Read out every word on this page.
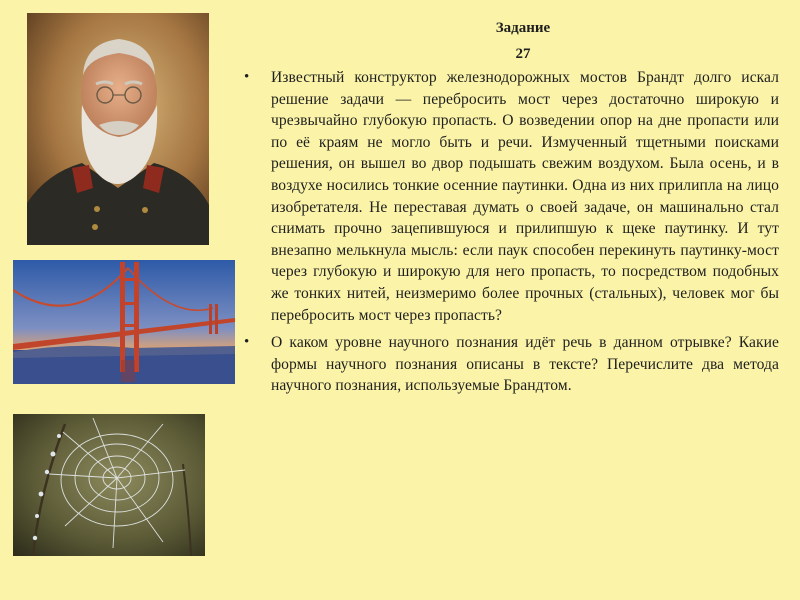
Задание
27

• Известный конструктор железнодорожных мостов Брандт долго искал решение задачи — перебросить мост через достаточно широкую и чрезвычайно глубокую пропасть. О возведении опор на дне пропасти или по её краям не могло быть и речи. Измученный тщетными поисками решения, он вышел во двор подышать свежим воздухом. Была осень, и в воздухе носились тонкие осенние паутинки. Одна из них прилипла на лицо изобретателя. Не переставая думать о своей задаче, он машинально стал снимать прочно зацепившуюся и прилипшую к щеке паутинку. И тут внезапно мелькнула мысль: если паук способен перекинуть паутинку-мост через глубокую и широкую для него пропасть, то посредством подобных же тонких нитей, неизмеримо более прочных (стальных), человек мог бы перебросить мост через пропасть?

• О каком уровне научного познания идёт речь в данном отрывке? Какие формы научного познания описаны в тексте? Перечислите два метода научного познания, используемые Брандтом.
